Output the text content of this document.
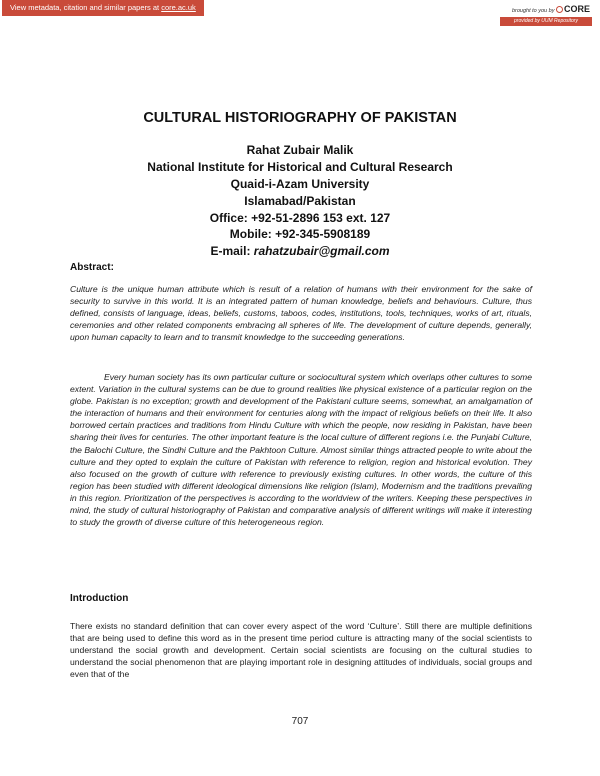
View metadata, citation and similar papers at core.ac.uk	brought to you by CORE
provided by UUM Repository
CULTURAL HISTORIOGRAPHY OF PAKISTAN
Rahat Zubair Malik
National Institute for Historical and Cultural Research
Quaid-i-Azam University
Islamabad/Pakistan
Office: +92-51-2896 153 ext. 127
Mobile: +92-345-5908189
E-mail: rahatzubair@gmail.com
Abstract:
Culture is the unique human attribute which is result of a relation of humans with their environment for the sake of security to survive in this world. It is an integrated pattern of human knowledge, beliefs and behaviours. Culture, thus defined, consists of language, ideas, beliefs, customs, taboos, codes, institutions, tools, techniques, works of art, rituals, ceremonies and other related components embracing all spheres of life. The development of culture depends, generally, upon human capacity to learn and to transmit knowledge to the succeeding generations.
Every human society has its own particular culture or sociocultural system which overlaps other cultures to some extent. Variation in the cultural systems can be due to ground realities like physical existence of a particular region on the globe. Pakistan is no exception; growth and development of the Pakistani culture seems, somewhat, an amalgamation of the interaction of humans and their environment for centuries along with the impact of religious beliefs on their life. It also borrowed certain practices and traditions from Hindu Culture with which the people, now residing in Pakistan, have been sharing their lives for centuries. The other important feature is the local culture of different regions i.e. the Punjabi Culture, the Balochi Culture, the Sindhi Culture and the Pakhtoon Culture. Almost similar things attracted people to write about the culture and they opted to explain the culture of Pakistan with reference to religion, region and historical evolution. They also focused on the growth of culture with reference to previously existing cultures. In other words, the culture of this region has been studied with different ideological dimensions like religion (Islam), Modernism and the traditions prevailing in this region. Prioritization of the perspectives is according to the worldview of the writers. Keeping these perspectives in mind, the study of cultural historiography of Pakistan and comparative analysis of different writings will make it interesting to study the growth of diverse culture of this heterogeneous region.
Introduction
There exists no standard definition that can cover every aspect of the word ‘Culture’. Still there are multiple definitions that are being used to define this word as in the present time period culture is attracting many of the social scientists to understand the social growth and development. Certain social scientists are focusing on the cultural studies to understand the social phenomenon that are playing important role in designing attitudes of individuals, social groups and even that of the
707
